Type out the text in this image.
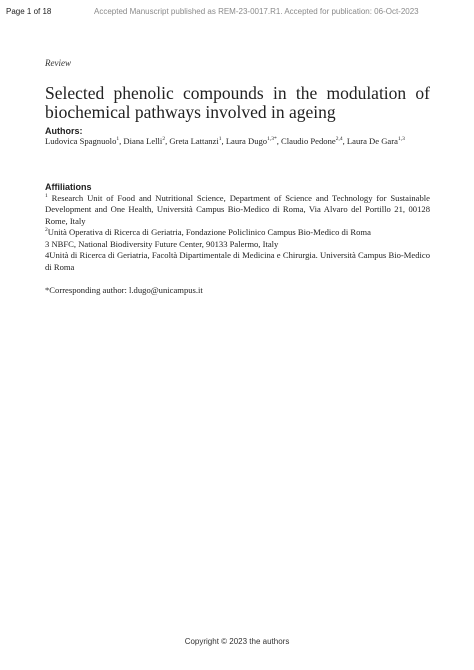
Page 1 of 18	Accepted Manuscript published as REM-23-0017.R1. Accepted for publication: 06-Oct-2023
Review
Selected phenolic compounds in the modulation of biochemical pathways involved in ageing
Authors:
Ludovica Spagnuolo$^1$, Diana Lelli$^2$, Greta Lattanzi$^1$, Laura Dugo$^{1,3*}$, Claudio Pedone$^{2,4}$, Laura De Gara$^{1,3}$
Affiliations
$^1$ Research Unit of Food and Nutritional Science, Department of Science and Technology for Sustainable Development and One Health, Università Campus Bio-Medico di Roma, Via Alvaro del Portillo 21, 00128 Rome, Italy
$^2$Unità Operativa di Ricerca di Geriatria, Fondazione Policlinico Campus Bio-Medico di Roma
3 NBFC, National Biodiversity Future Center, 90133 Palermo, Italy
4Unità di Ricerca di Geriatria, Facoltà Dipartimentale di Medicina e Chirurgia. Università Campus Bio-Medico di Roma
*Corresponding author: l.dugo@unicampus.it
Copyright © 2023 the authors
